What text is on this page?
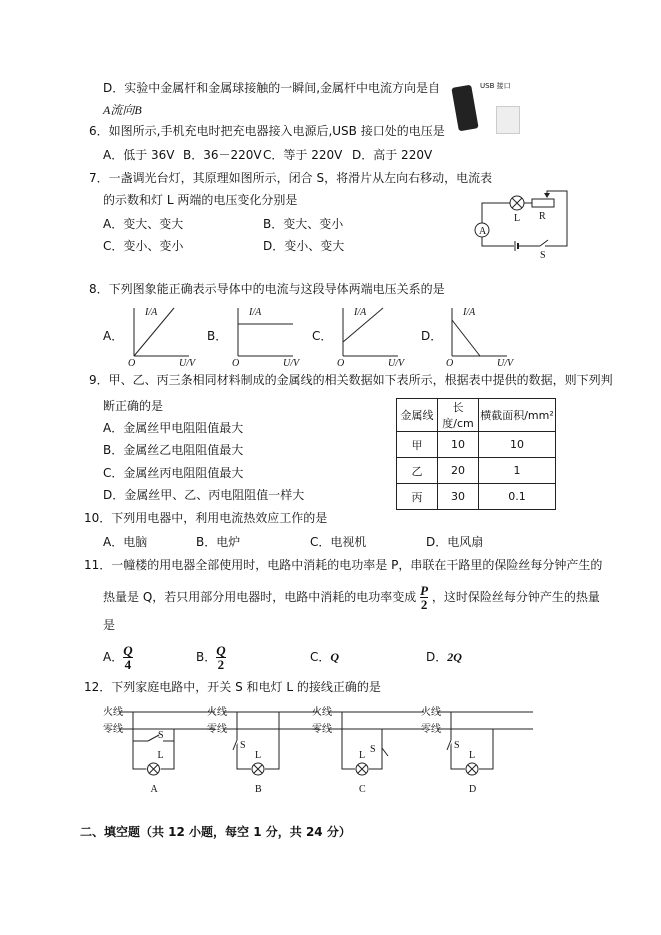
D．实验中金属杆和金属球接触的一瞬间,金属杆中电流方向是自
A流向B
USB 接口
6．如图所示,手机充电时把充电器接入电源后,USB 接口处的电压是
A．低于 36V B．36－220V C．等于 220V D．高于 220V
7．一盏调光台灯，其原理如图所示，闭合 S，将滑片从左向右移动，电流表
的示数和灯 L 两端的电压变化分别是
A．变大、变大	B．变大、变小
C．变小、变小	D．变小、变大
A
L R
S
8．下列图象能正确表示导体中的电流与这段导体两端电压关系的是
A．
I/A
U/V
O
B．
I/A
U/V
O
C．
I/A
U/V
O
D．
I/A
U/V
O
9．甲、乙、丙三条相同材料制成的金属线的相关数据如下表所示，根据表中提供的数据，则下列判
断正确的是
A．金属丝甲电阻阻值最大
B．金属丝乙电阻阻值最大
C．金属丝丙电阻阻值最大
D．金属丝甲、乙、丙电阻阻值一样大
金属线	长度/cm	横截面积/mm²
甲	10	10
乙	20	1
丙	30	0.1
10．下列用电器中，利用电流热效应工作的是
A．电脑	B．电炉	C．电视机	D．电风扇
11．一幢楼的用电器全部使用时，电路中消耗的电功率是 P，串联在干路里的保险丝每分钟产生的
热量是 Q，若只用部分用电器时，电路中消耗的电功率变成 $\frac{P}{2}$ ，这时保险丝每分钟产生的热量
是
A． $\frac{Q}{4}$	B． $\frac{Q}{2}$	C．Q	D．2Q
12．下列家庭电路中，开关 S 和电灯 L 的接线正确的是
火线
零线
L
A
S
火线
零线
L
B
S
火线
零线
L
C
S
火线
零线
L
D
S
二、填空题（共 12 小题，每空 1 分，共 24 分）
